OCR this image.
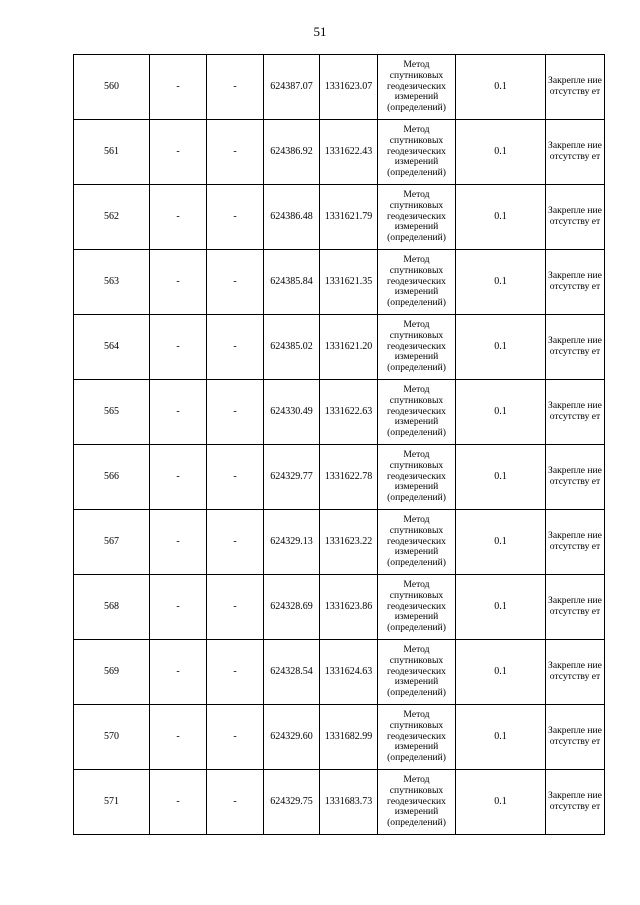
51
560	-	-	624387.07	1331623.07	Метод спутниковых геодезических измерений (определений)	0.1	Закрепле ние отсутству ет
561	-	-	624386.92	1331622.43	Метод спутниковых геодезических измерений (определений)	0.1	Закрепле ние отсутству ет
562	-	-	624386.48	1331621.79	Метод спутниковых геодезических измерений (определений)	0.1	Закрепле ние отсутству ет
563	-	-	624385.84	1331621.35	Метод спутниковых геодезических измерений (определений)	0.1	Закрепле ние отсутству ет
564	-	-	624385.02	1331621.20	Метод спутниковых геодезических измерений (определений)	0.1	Закрепле ние отсутству ет
565	-	-	624330.49	1331622.63	Метод спутниковых геодезических измерений (определений)	0.1	Закрепле ние отсутству ет
566	-	-	624329.77	1331622.78	Метод спутниковых геодезических измерений (определений)	0.1	Закрепле ние отсутству ет
567	-	-	624329.13	1331623.22	Метод спутниковых геодезических измерений (определений)	0.1	Закрепле ние отсутству ет
568	-	-	624328.69	1331623.86	Метод спутниковых геодезических измерений (определений)	0.1	Закрепле ние отсутству ет
569	-	-	624328.54	1331624.63	Метод спутниковых геодезических измерений (определений)	0.1	Закрепле ние отсутству ет
570	-	-	624329.60	1331682.99	Метод спутниковых геодезических измерений (определений)	0.1	Закрепле ние отсутству ет
571	-	-	624329.75	1331683.73	Метод спутниковых геодезических измерений (определений)	0.1	Закрепле ние отсутству ет
